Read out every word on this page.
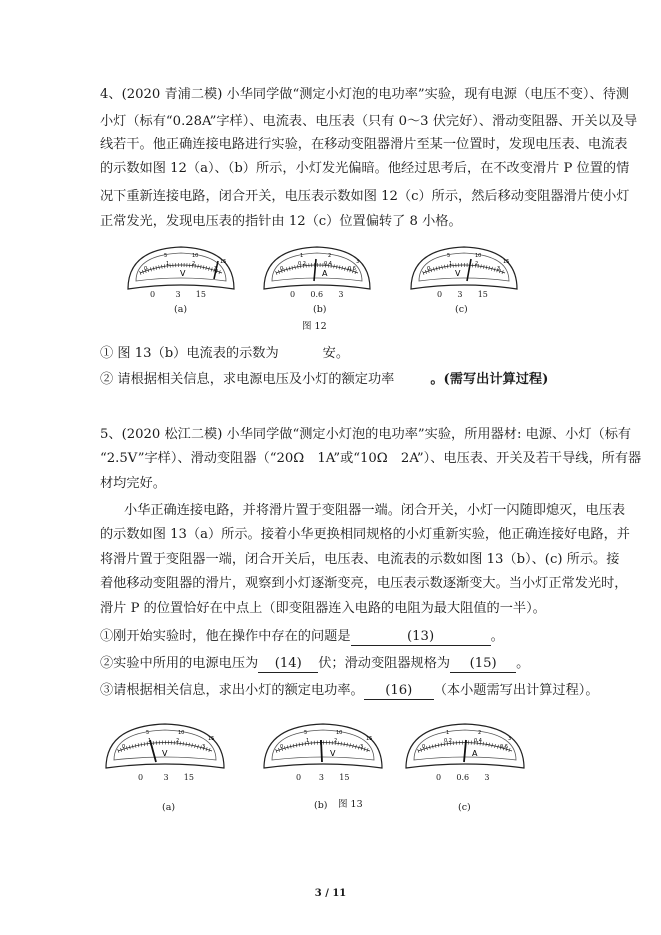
4、(2020 青浦二模) 小华同学做“测定小灯泡的电功率”实验，现有电源（电压不变）、待测
小灯（标有“0.28A”字样）、电流表、电压表（只有 0～3 伏完好）、滑动变阻器、开关以及导
线若干。他正确连接电路进行实验，在移动变阻器滑片至某一位置时，发现电压表、电流表
的示数如图 12（a）、（b）所示，小灯发光偏暗。他经过思考后，在不改变滑片 P 位置的情
况下重新连接电路，闭合开关，电压表示数如图 12（c）所示，然后移动变阻器滑片使小灯
正常发光，发现电压表的指针由 12（c）位置偏转了 8 小格。
V
0
1	2
3
5	10
15
0	3 15
A
0
0.2	0.4
0.6
1	2
3
0 0.6 3
V
0
1	2
3
5	10
15
0 3 15
(a)	(b)	(c)
图 12
① 图 13（b）电流表的示数为	安。
② 请根据相关信息，求电源电压及小灯的额定功率	。(需写出计算过程)
5、(2020 松江二模) 小华同学做“测定小灯泡的电功率”实验，所用器材: 电源、小灯（标有
“2.5V”字样）、滑动变阻器（“20Ω　1A”或“10Ω　2A”）、电压表、开关及若干导线，所有器
材均完好。
小华正确连接电路，并将滑片置于变阻器一端。闭合开关，小灯一闪随即熄灭，电压表
的示数如图 13（a）所示。接着小华更换相同规格的小灯重新实验，他正确连接好电路，并
将滑片置于变阻器一端，闭合开关后，电压表、电流表的示数如图 13（b）、(c) 所示。接
着他移动变阻器的滑片，观察到小灯逐渐变亮，电压表示数逐渐变大。当小灯正常发光时，
滑片 P 的位置恰好在中点上（即变阻器连入电路的电阻为最大阻值的一半）。
①刚开始实验时，他在操作中存在的问题是	(13)	。
②实验中所用的电源电压为 (14) 伏；滑动变阻器规格为 (15) 。
③请根据相关信息，求出小灯的额定电功率。 (16) （本小题需写出计算过程）。
V
0
1	2
3
5	10
15
0	3 15
V
0
1	2
3
5	10
15
0 3 15
A
0
0.2	0.4
0.6
1	2
3
0 0.6 3
(a)	(b) 图 13	(c)
3 / 11
